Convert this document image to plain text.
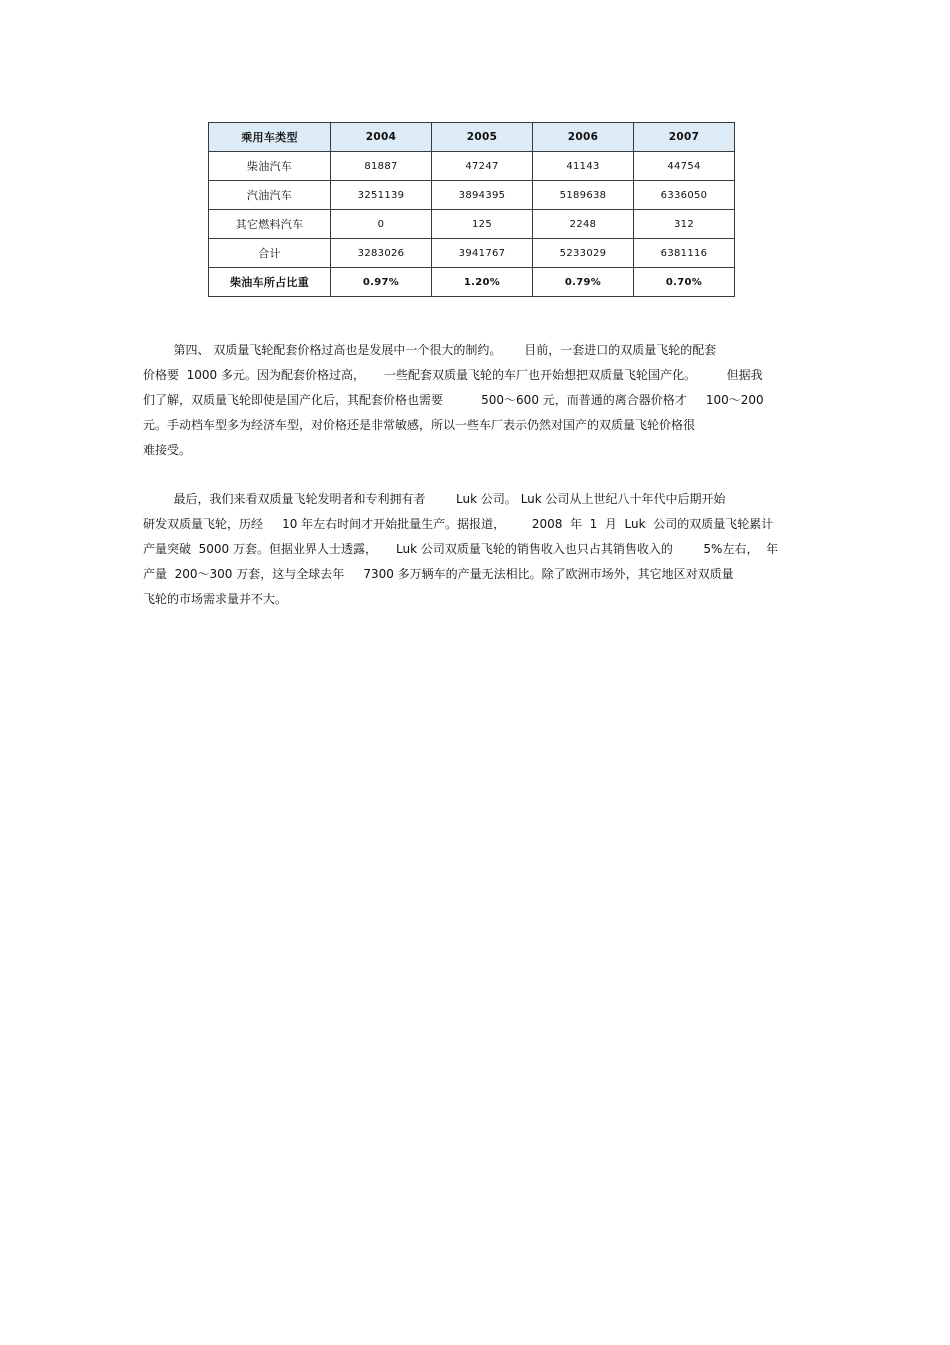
乘用车类型	2004	2005	2006	2007
柴油汽车	81887	47247	41143	44754
汽油汽车	3251139	3894395	5189638	6336050
其它燃料汽车	0	125	2248	312
合计	3283026	3941767	5233029	6381116
柴油车所占比重	0.97%	1.20%	0.79%	0.70%
第四、 双质量飞轮配套价格过高也是发展中一个很大的制约。      目前，一套进口的双质量飞轮的配套
价格要  1000 多元。因为配套价格过高，     一些配套双质量飞轮的车厂也开始想把双质量飞轮国产化。        但据我
们了解，双质量飞轮即使是国产化后，其配套价格也需要          500～600 元，而普通的离合器价格才     100～200
元。手动档车型多为经济车型，对价格还是非常敏感，所以一些车厂表示仍然对国产的双质量飞轮价格很
难接受。
最后，我们来看双质量飞轮发明者和专利拥有者        Luk 公司。 Luk 公司从上世纪八十年代中后期开始
研发双质量飞轮，历经     10 年左右时间才开始批量生产。据报道，       2008  年  1  月  Luk  公司的双质量飞轮累计
产量突破  5000 万套。但据业界人士透露，     Luk 公司双质量飞轮的销售收入也只占其销售收入的        5%左右，  年
产量  200～300 万套，这与全球去年     7300 多万辆车的产量无法相比。除了欧洲市场外，其它地区对双质量
飞轮的市场需求量并不大。
